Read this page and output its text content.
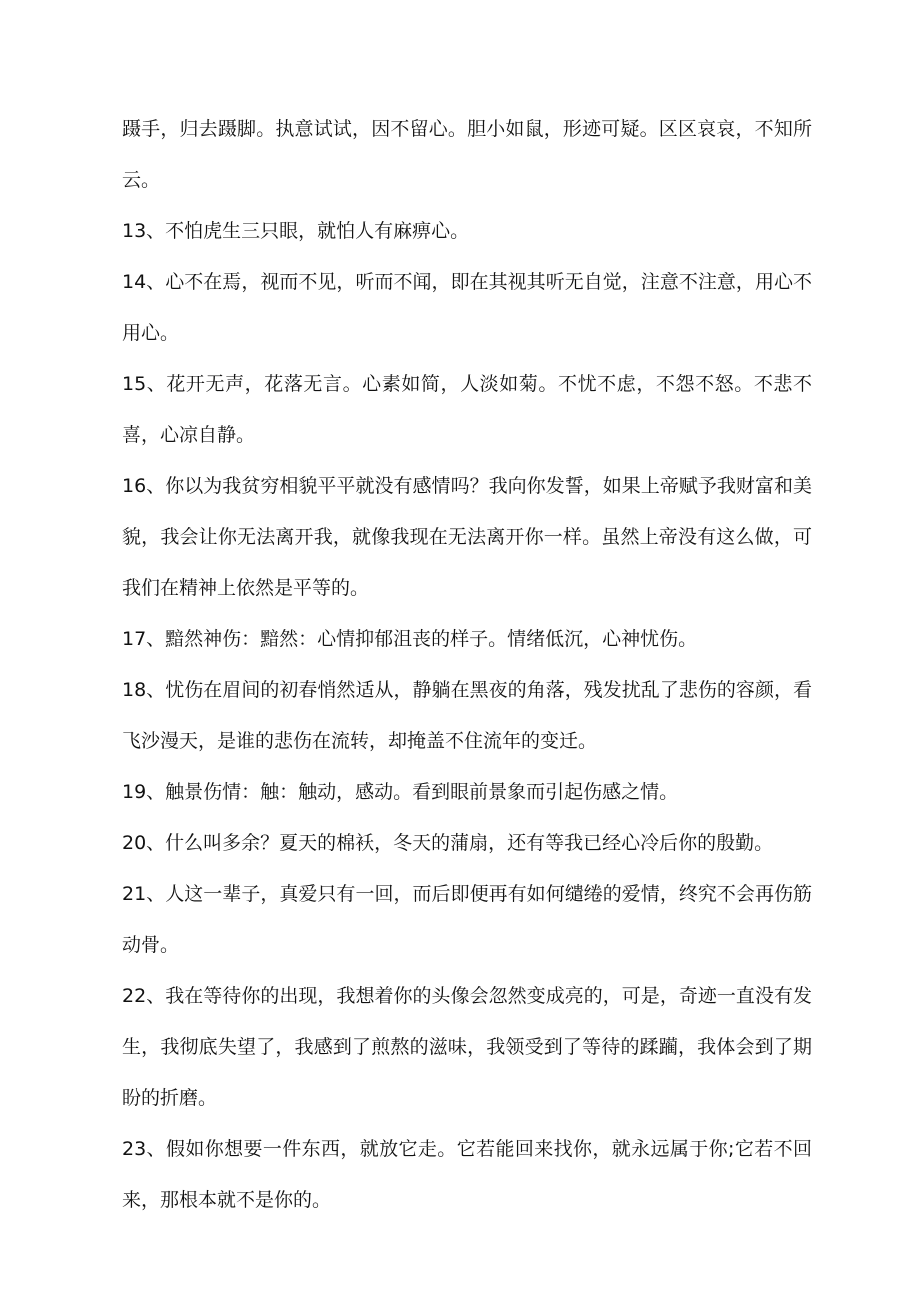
蹑手，归去蹑脚。执意试试，因不留心。胆小如鼠，形迹可疑。区区哀哀，不知所云。

13、不怕虎生三只眼，就怕人有麻痹心。

14、心不在焉，视而不见，听而不闻，即在其视其听无自觉，注意不注意，用心不用心。

15、花开无声，花落无言。心素如简，人淡如菊。不忧不虑，不怨不怒。不悲不喜，心凉自静。

16、你以为我贫穷相貌平平就没有感情吗？我向你发誓，如果上帝赋予我财富和美貌，我会让你无法离开我，就像我现在无法离开你一样。虽然上帝没有这么做，可我们在精神上依然是平等的。

17、黯然神伤：黯然：心情抑郁沮丧的样子。情绪低沉，心神忧伤。

18、忧伤在眉间的初春悄然适从，静躺在黑夜的角落，残发扰乱了悲伤的容颜，看飞沙漫天，是谁的悲伤在流转，却掩盖不住流年的变迁。

19、触景伤情：触：触动，感动。看到眼前景象而引起伤感之情。

20、什么叫多余？夏天的棉袄，冬天的蒲扇，还有等我已经心冷后你的殷勤。

21、人这一辈子，真爱只有一回，而后即便再有如何缱绻的爱情，终究不会再伤筋动骨。

22、我在等待你的出现，我想着你的头像会忽然变成亮的，可是，奇迹一直没有发生，我彻底失望了，我感到了煎熬的滋味，我领受到了等待的蹂躏，我体会到了期盼的折磨。

23、假如你想要一件东西，就放它走。它若能回来找你，就永远属于你;它若不回来，那根本就不是你的。
